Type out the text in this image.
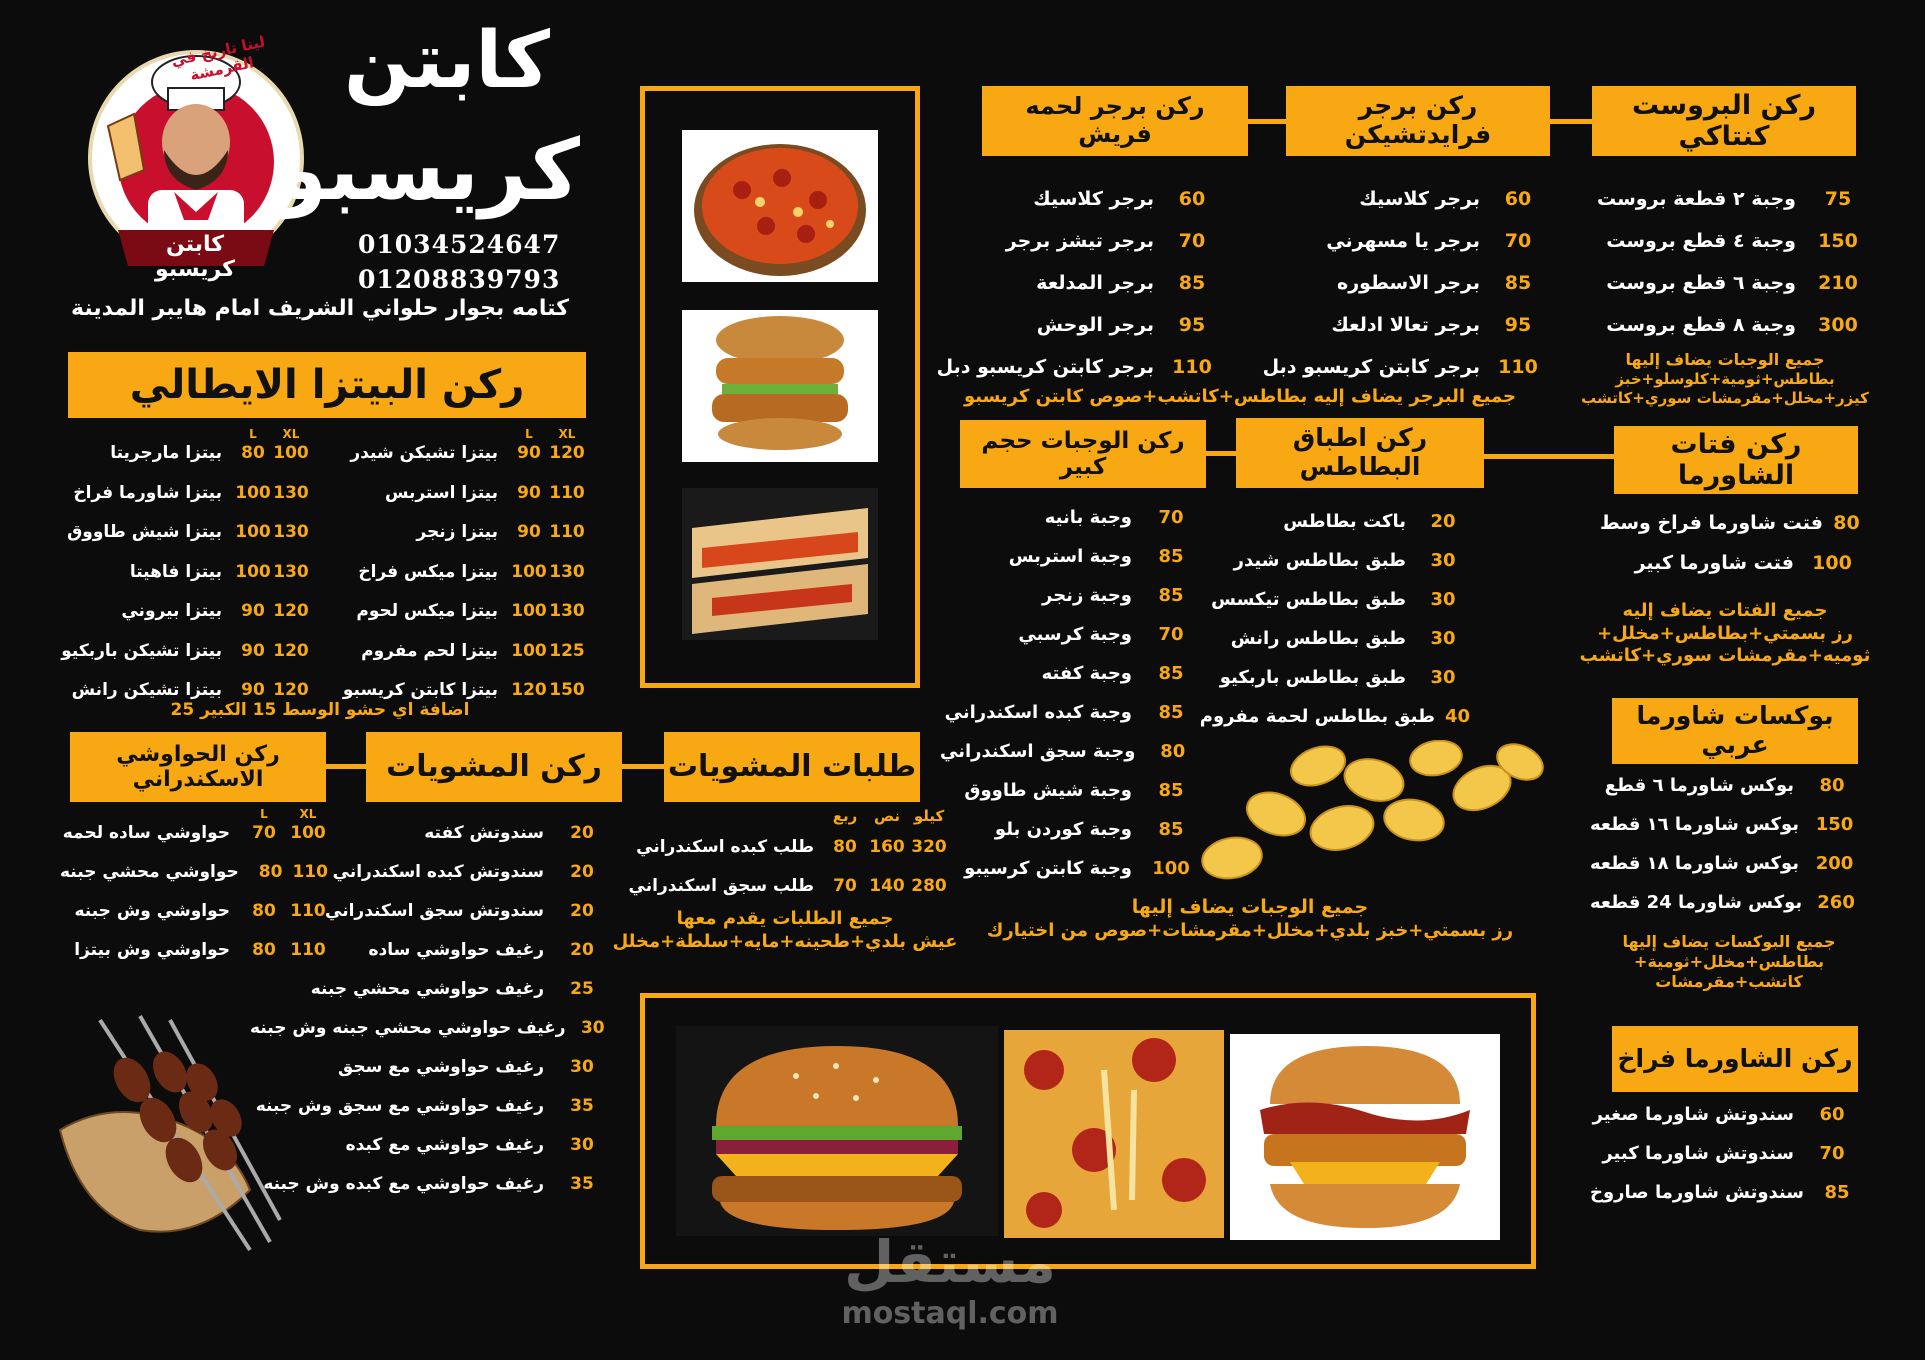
لينا تاريخ في القرمشة
كابتن كريسبو
كابتن
كريسبو
01034524647
01208839793
كتامه بجوار حلواني الشريف امام هايبر المدينة
ركن البروست كنتاكي
75
وجبة ٢ قطعة بروست
150
وجبة ٤ قطع بروست
210
وجبة ٦ قطع بروست
300
وجبة ٨ قطع بروست
جميع الوجبات يضاف إليها
بطاطس+ثومية+كلوسلو+خبز
كيزر+مخلل+مقرمشات سوري+كاتشب
ركن برجر فرايدتشيكن
60
برجر كلاسيك
70
برجر يا مسهرني
85
برجر الاسطوره
95
برجر تعالا ادلعك
110
برجر كابتن كريسبو دبل
ركن برجر لحمه
فريش
60
برجر كلاسيك
70
برجر تيشز برجر
85
برجر المدلعة
95
برجر الوحش
110
برجر كابتن كريسبو دبل
جميع البرجر يضاف إليه بطاطس+كاتشب+صوص كابتن كريسبو
ركن فتات الشاورما
80
فتت شاورما فراخ وسط
100
فتت شاورما كبير
جميع الفتات يضاف إليه
رز بسمتي+بطاطس+مخلل+
ثوميه+مقرمشات سوري+كاتشب
ركن اطباق البطاطس
20
باكت بطاطس
30
طبق بطاطس شيدر
30
طبق بطاطس تيكسس
30
طبق بطاطس رانش
30
طبق بطاطس باربكيو
40
طبق بطاطس لحمة مفروم
ركن الوجبات حجم كبير
70
وجبة بانيه
85
وجبة استربس
85
وجبة زنجر
70
وجبة كرسبي
85
وجبة كفته
85
وجبة كبده اسكندراني
80
وجبة سجق اسكندراني
85
وجبة شيش طاووق
85
وجبة كوردن بلو
100
وجبة كابتن كرسيبو
جميع الوجبات يضاف إليها
رز بسمتي+خبز بلدي+مخلل+مقرمشات+صوص من اختيارك
ركن البيتزا الايطالي
XL
L
XL
L
120
90
بيتزا تشيكن شيدر
110
90
بيتزا استربس
110
90
بيتزا زنجر
130
100
بيتزا ميكس فراخ
130
100
بيتزا ميكس لحوم
125
100
بيتزا لحم مفروم
150
120
بيتزا كابتن كريسبو
100
80
بيتزا مارجريتا
130
100
بيتزا شاورما فراخ
130
100
بيتزا شيش طاووق
130
100
بيتزا فاهيتا
120
90
بيتزا بيروني
120
90
بيتزا تشيكن باربكيو
120
90
بيتزا تشيكن رانش
اضافة اي حشو الوسط 15 الكبير 25
ركن الحواوشي
الاسكندراني	ركن المشويات	طلبات المشويات
كيلو
نص
ربع
320
160
80
طلب كبده اسكندراني
280
140
70
طلب سجق اسكندراني
جميع الطلبات يقدم معها
عيش بلدي+طحينه+مايه+سلطة+مخلل
20
سندوتش كفته
20
سندوتش كبده اسكندراني
20
سندوتش سجق اسكندراني
20
رغيف حواوشي ساده
25
رغيف حواوشي محشي جبنه
30
رغيف حواوشي محشي جبنه وش جبنه
30
رغيف حواوشي مع سجق
35
رغيف حواوشي مع سجق وش جبنه
30
رغيف حواوشي مع كبده
35
رغيف حواوشي مع كبده وش جبنه
XL
L
100
70
حواوشي ساده لحمه
110
80
حواوشي محشي جبنه
110
80
حواوشي وش جبنه
110
80
حواوشي وش بيتزا
بوكسات شاورما عربي
80
بوكس شاورما ٦ قطع
150
بوكس شاورما ١٦ قطعه
200
بوكس شاورما ١٨ قطعه
260
بوكس شاورما 24 قطعه
جميع البوكسات يضاف إليها
بطاطس+مخلل+ثومية+
كاتشب+مقرمشات
ركن الشاورما فراخ
60
سندوتش شاورما صغير
70
سندوتش شاورما كبير
85
سندوتش شاورما صاروخ
مستقل
mostaql.com
